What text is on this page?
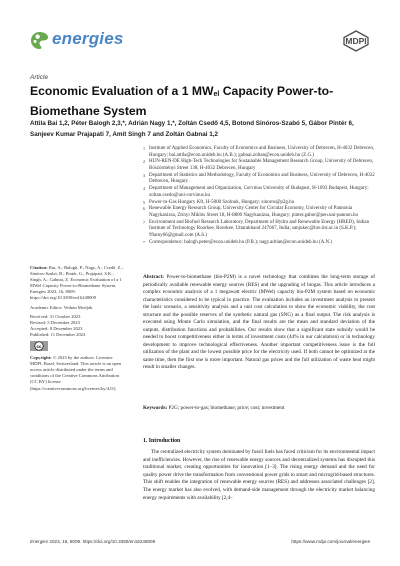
energies	MDPI
Article
Economic Evaluation of a 1 MWel Capacity Power-to-Biomethane System
Attila Bai 1,2, Péter Balogh 2,3,*, Adrián Nagy 1,*, Zoltán Csedő 4,5, Botond Sinóros-Szabó 5, Gábor Pintér 6, Sanjeev Kumar Prajapati 7, Amit Singh 7 and Zoltán Gabnai 1,2
1 Institute of Applied Economics, Faculty of Economics and Business, University of Debrecen, H-4032 Debrecen, Hungary; bai.attila@econ.unideb.hu (A.B.); gabnai.zoltan@econ.unideb.hu (Z.G.)
2 HUN-REN-DE High-Tech Technologies for Sustainable Management Research Group, University of Debrecen, Böszörményi Street 138, H-4032 Debrecen, Hungary
3 Department of Statistics and Methodology, Faculty of Economics and Business, University of Debrecen, H-4032 Debrecen, Hungary
4 Department of Management and Organization, Corvinus University of Budapest, H-1093 Budapest, Hungary; zoltan.csedo@uni-corvinus.hu
5 Power-to-Gas Hungary Kft, H-5000 Szolnok, Hungary; sinoros@p2g.hu
6 Renewable Energy Research Group, University Center for Circular Economy, University of Pannonia Nagykanizsa, Zrínyi Miklós Street 18, H-8800 Nagykanizsa, Hungary; pinter.gabor@pen.uni-pannon.hu
7 Environment and Biofuel Research Laboratory, Department of Hydro and Renewable Energy (HRED), Indian Institute of Technology Roorkee, Roorkee, Uttarakhand 247667, India; sanjukec@hre.iitr.ac.in (S.K.P.); 99amy66@gmail.com (A.S.)
* Correspondence: balogh.peter@econ.unideb.hu (P.B.); nagy.adrian@econ.unideb.hu (A.N.)
Citation: Bai, A.; Balogh, P.; Nagy, A.; Csedő, Z.; Sinóros-Szabó, B.; Pintér, G.; Prajapati, S.K.; Singh, A.; Gabnai, Z. Economic Evaluation of a 1 MWel Capacity Power-to-Biomethane System. Energies 2023, 16, 8009. https://doi.org/10.3390/en16248009
Academic Editor: Vedran Mrzljak
Received: 31 October 2023
Revised: 5 December 2023
Accepted: 8 December 2023
Published: 11 December 2023
cc
Copyright: © 2023 by the authors. Licensee MDPI, Basel, Switzerland. This article is an open access article distributed under the terms and conditions of the Creative Commons Attribution (CC BY) license (https://creativecommons.org/licenses/by/4.0/).
Abstract: Power-to-biomethane (bio-P2M) is a novel technology that combines the long-term storage of periodically available renewable energy sources (RES) and the upgrading of biogas. This article introduces a complex economic analysis of a 1 megawatt electric (MWel) capacity bio-P2M system based on economic characteristics considered to be typical in practice. The evaluation includes an investment analysis to present the basic scenario, a sensitivity analysis and a unit cost calculation to show the economic viability, the cost structure and the possible reserves of the synthetic natural gas (SNG) as a final output. The risk analysis is executed using Monte Carlo simulation, and the final results are the mean and standard deviation of the outputs, distribution functions and probabilities. Our results show that a significant state subsidy would be needed to boost competitiveness either in terms of investment costs (44% in our calculation) or in technology development to improve technological effectiveness. Another important competitiveness issue is the full utilization of the plant and the lowest possible price for the electricity used. If both cannot be optimized at the same time, then the first one is more important. Natural gas prices and the full utilization of waste heat might result in smaller changes.
Keywords: P2G; power-to-gas; biomethane; price; cost; investment
1. Introduction

The centralized electricity system dominated by fossil fuels has faced criticism for its environmental impact and inefficiencies. However, the rise of renewable energy sources and decentralized systems has disrupted this traditional market, creating opportunities for innovation [1–3]. The rising energy demand and the need for quality power drive the transformation from conventional power grids to smart and microgrid-based structures. This shift enables the integration of renewable energy sources (RES) and addresses associated challenges [2]. The energy market has also evolved, with demand-side management through the electricity market balancing energy requirements with availability [2,4–

Energies 2023, 16, 8009. https://doi.org/10.3390/en16248009	https://www.mdpi.com/journal/energies
